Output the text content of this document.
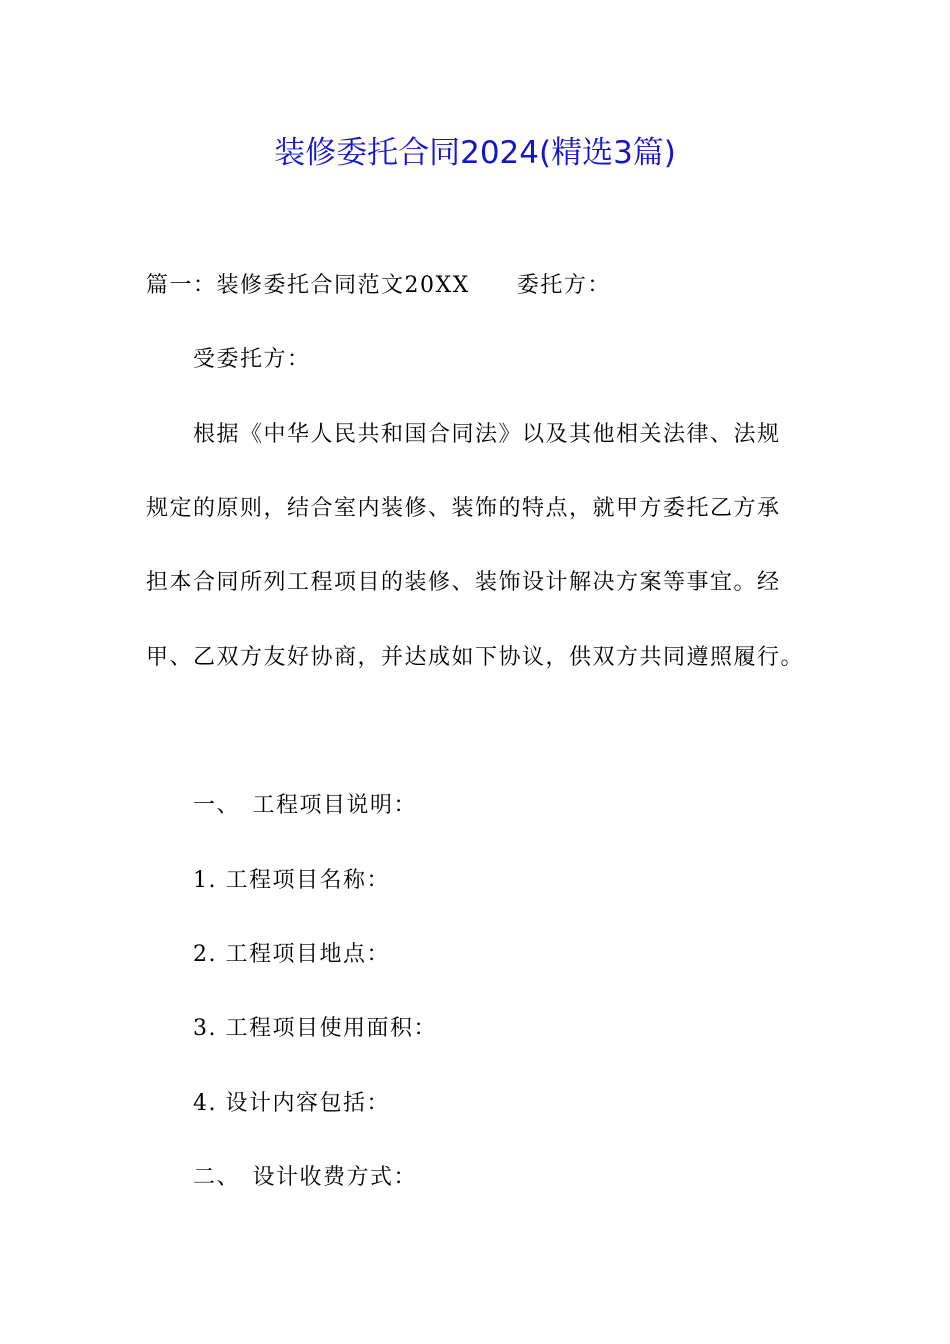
装修委托合同2024(精选3篇)

篇一：装修委托合同范文20XX　　委托方：

受委托方：

根据《中华人民共和国合同法》以及其他相关法律、法规

规定的原则，结合室内装修、装饰的特点，就甲方委托乙方承

担本合同所列工程项目的装修、装饰设计解决方案等事宜。经

甲、乙双方友好协商，并达成如下协议，供双方共同遵照履行。

一、　工程项目说明：

1. 工程项目名称：

2. 工程项目地点：

3. 工程项目使用面积：

4. 设计内容包括：

二、　设计收费方式：
